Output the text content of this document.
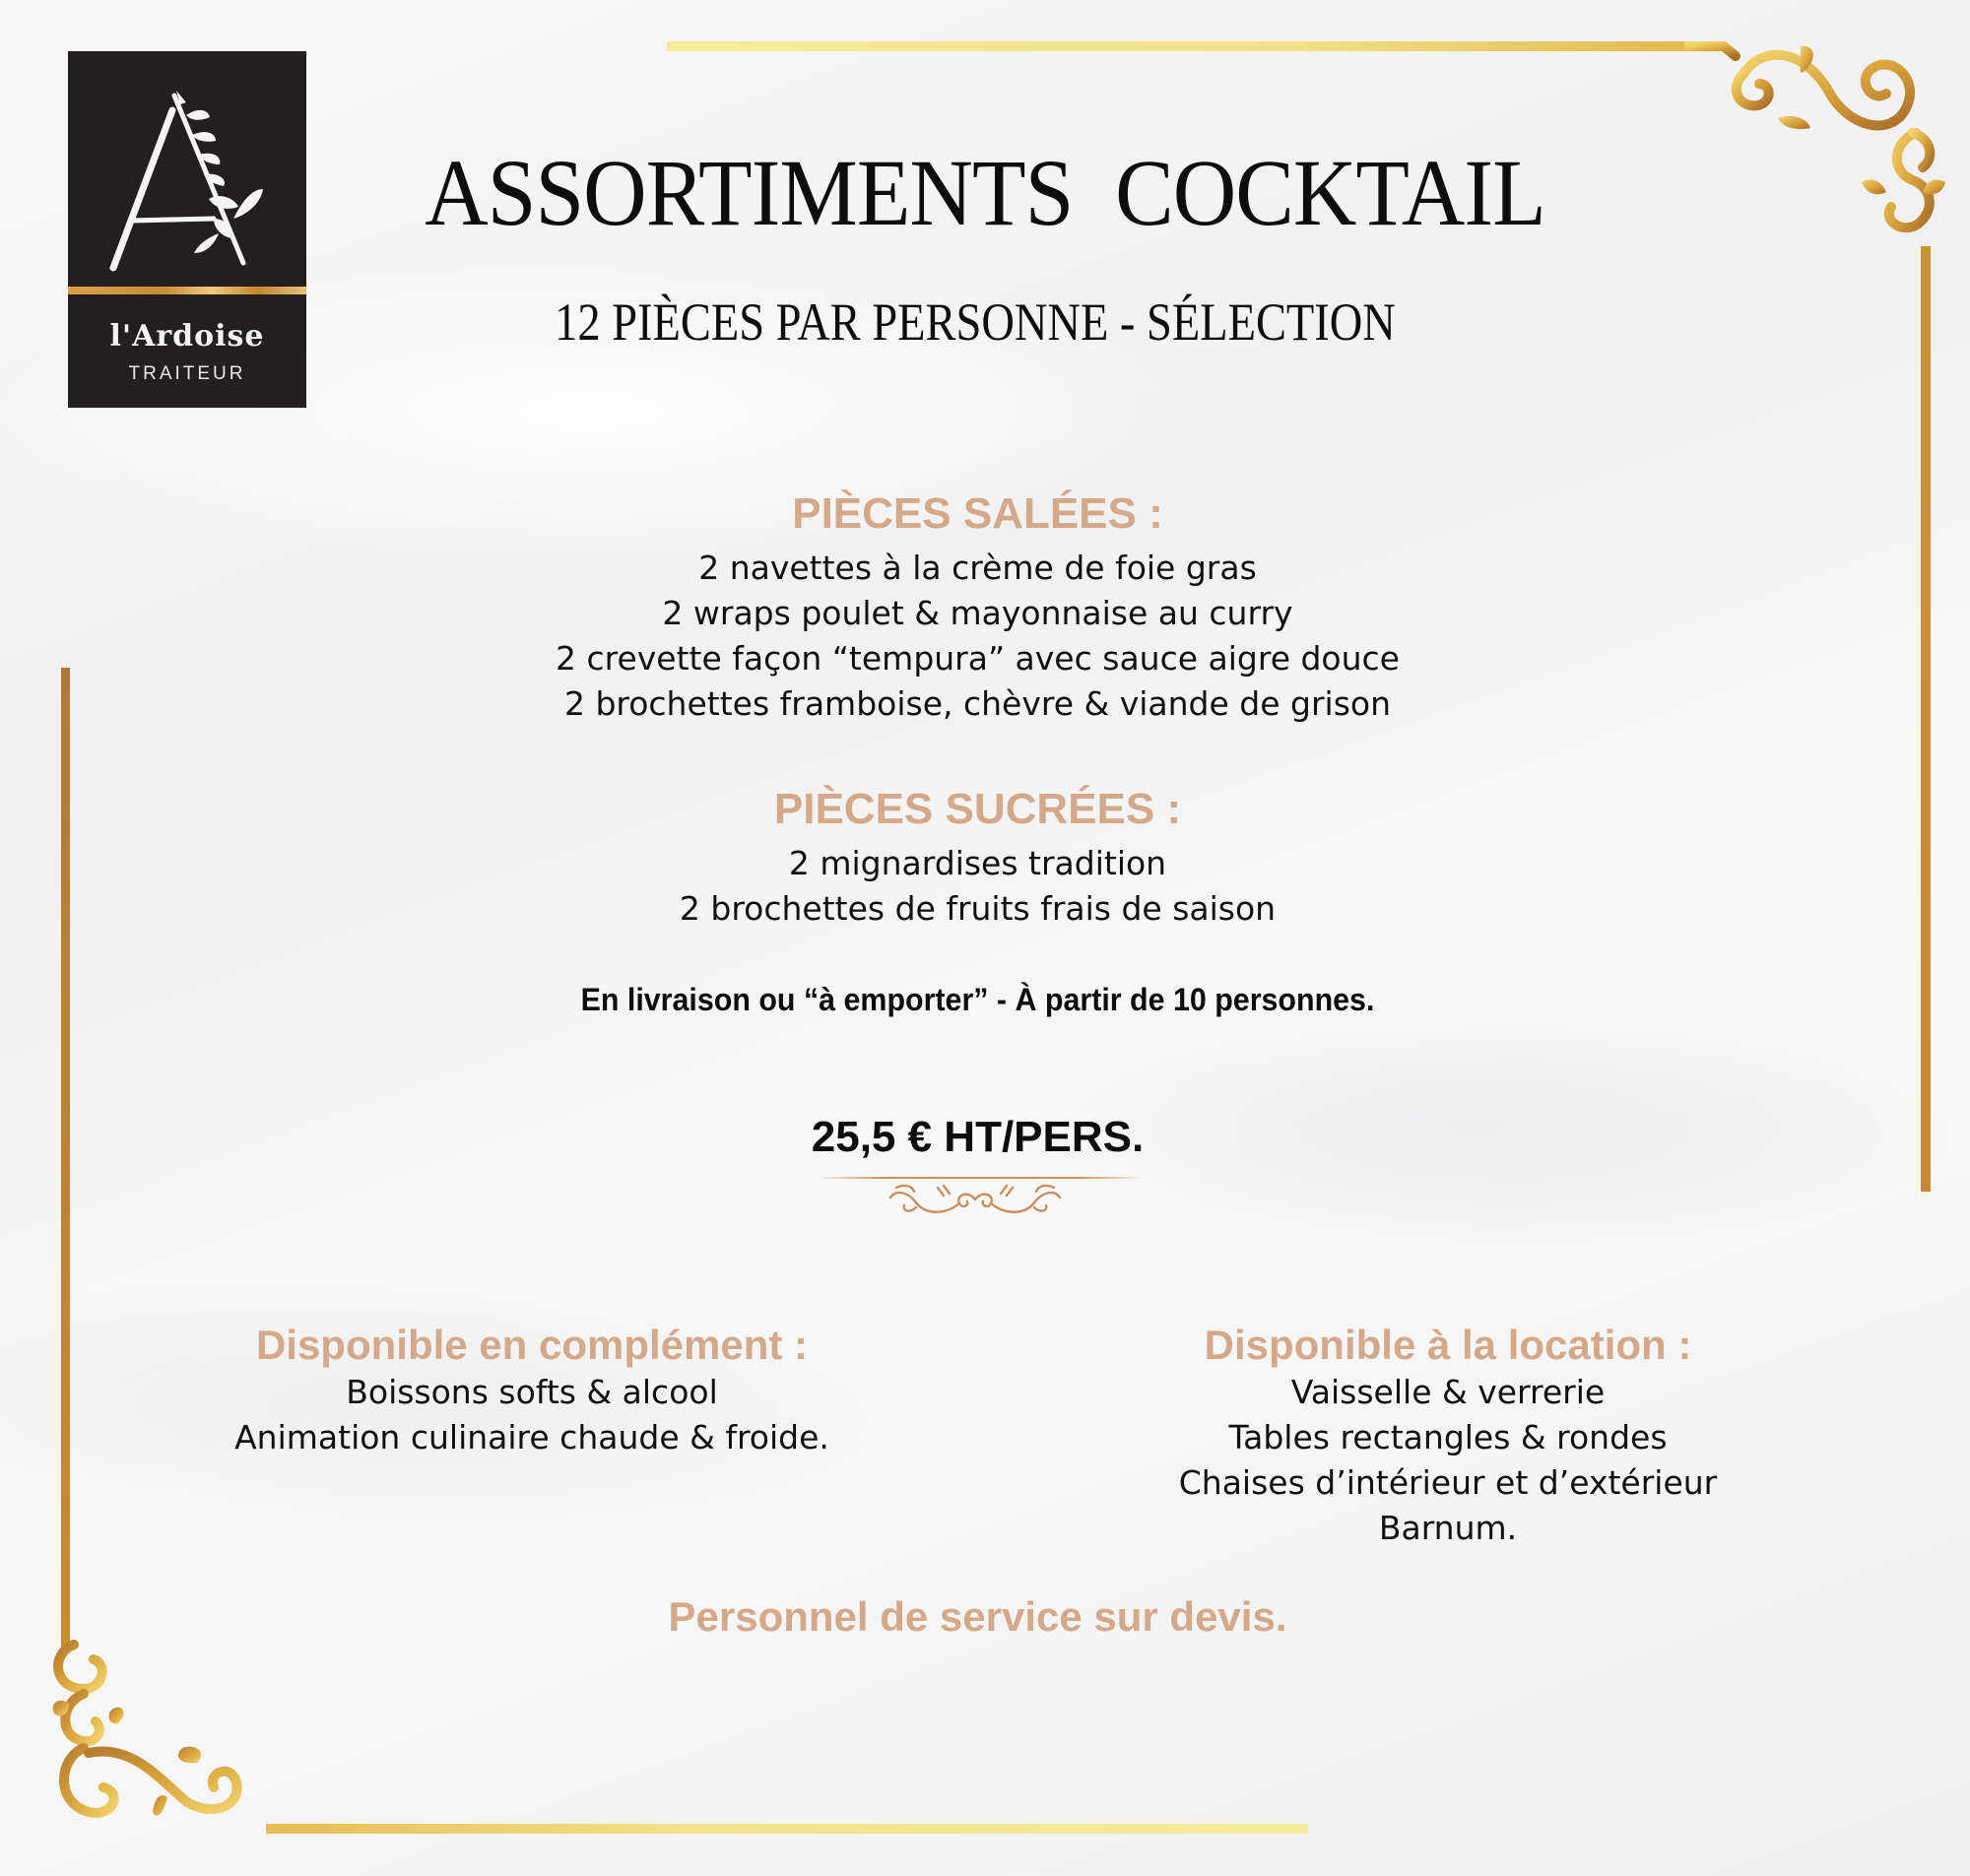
l'Ardoise
TRAITEUR
ASSORTIMENTS  COCKTAIL
12 PIÈCES PAR PERSONNE - SÉLECTION
PIÈCES SALÉES :
2 navettes à la crème de foie gras
2 wraps poulet & mayonnaise au curry
2 crevette façon “tempura” avec sauce aigre douce
2 brochettes framboise, chèvre & viande de grison
PIÈCES SUCRÉES :
2 mignardises tradition
2 brochettes de fruits frais de saison
En livraison ou “à emporter” - À partir de 10 personnes.
25,5 € HT/PERS.
Disponible en complément :
Boissons softs & alcool
Animation culinaire chaude & froide.
Disponible à la location :
Vaisselle & verrerie
Tables rectangles & rondes
Chaises d’intérieur et d’extérieur
Barnum.
Personnel de service sur devis.
